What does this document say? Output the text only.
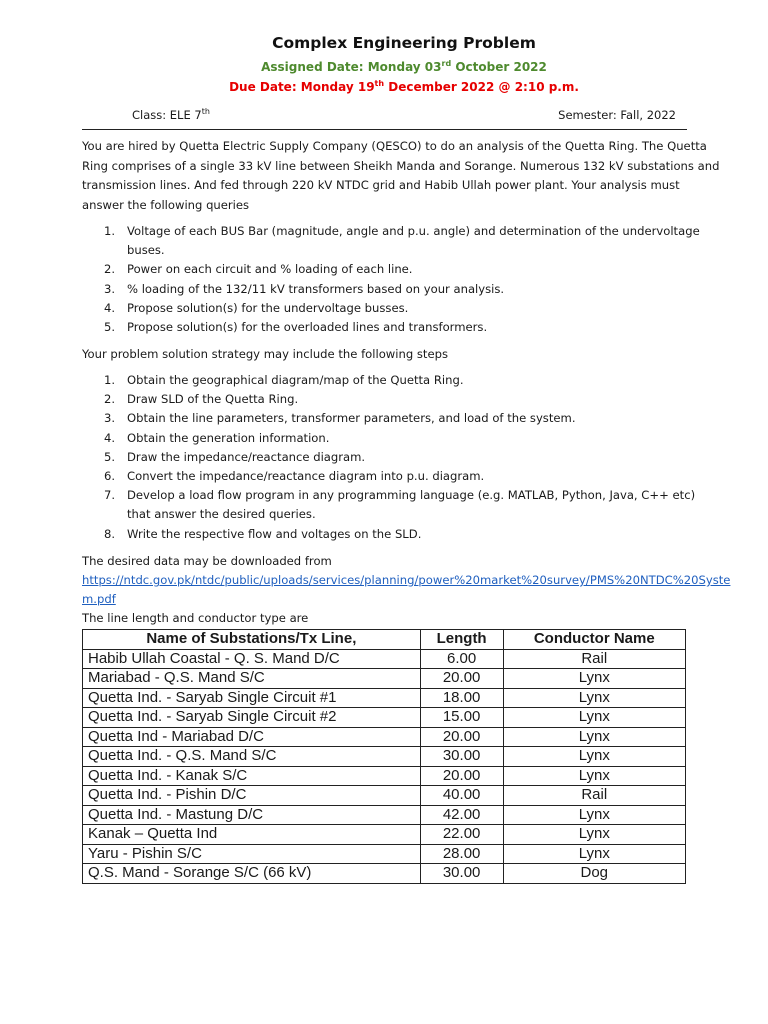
Complex Engineering Problem
Assigned Date: Monday 03rd October 2022
Due Date: Monday 19th December 2022 @ 2:10 p.m.
Class: ELE 7th	Semester: Fall, 2022

You are hired by Quetta Electric Supply Company (QESCO) to do an analysis of the Quetta Ring. The Quetta Ring comprises of a single 33 kV line between Sheikh Manda and Sorange. Numerous 132 kV substations and transmission lines. And fed through 220 kV NTDC grid and Habib Ullah power plant. Your analysis must answer the following queries

1. Voltage of each BUS Bar (magnitude, angle and p.u. angle) and determination of the undervoltage buses.
2. Power on each circuit and % loading of each line.
3. % loading of the 132/11 kV transformers based on your analysis.
4. Propose solution(s) for the undervoltage busses.
5. Propose solution(s) for the overloaded lines and transformers.

Your problem solution strategy may include the following steps

1. Obtain the geographical diagram/map of the Quetta Ring.
2. Draw SLD of the Quetta Ring.
3. Obtain the line parameters, transformer parameters, and load of the system.
4. Obtain the generation information.
5. Draw the impedance/reactance diagram.
6. Convert the impedance/reactance diagram into p.u. diagram.
7. Develop a load flow program in any programming language (e.g. MATLAB, Python, Java, C++ etc) that answer the desired queries.
8. Write the respective flow and voltages on the SLD.

The desired data may be downloaded from

https://ntdc.gov.pk/ntdc/public/uploads/services/planning/power%20market%20survey/PMS%20NTDC%20System.pdf

The line length and conductor type are

Name of Substations/Tx Line,	Length	Conductor Name
Habib Ullah Coastal - Q. S. Mand D/C	6.00	Rail
Mariabad - Q.S. Mand S/C	20.00	Lynx
Quetta Ind. - Saryab Single Circuit #1	18.00	Lynx
Quetta Ind. - Saryab Single Circuit #2	15.00	Lynx
Quetta Ind - Mariabad D/C	20.00	Lynx
Quetta Ind. - Q.S. Mand S/C	30.00	Lynx
Quetta Ind. - Kanak S/C	20.00	Lynx
Quetta Ind. - Pishin D/C	40.00	Rail
Quetta Ind. - Mastung D/C	42.00	Lynx
Kanak – Quetta Ind	22.00	Lynx
Yaru - Pishin S/C	28.00	Lynx
Q.S. Mand - Sorange S/C (66 kV)	30.00	Dog
